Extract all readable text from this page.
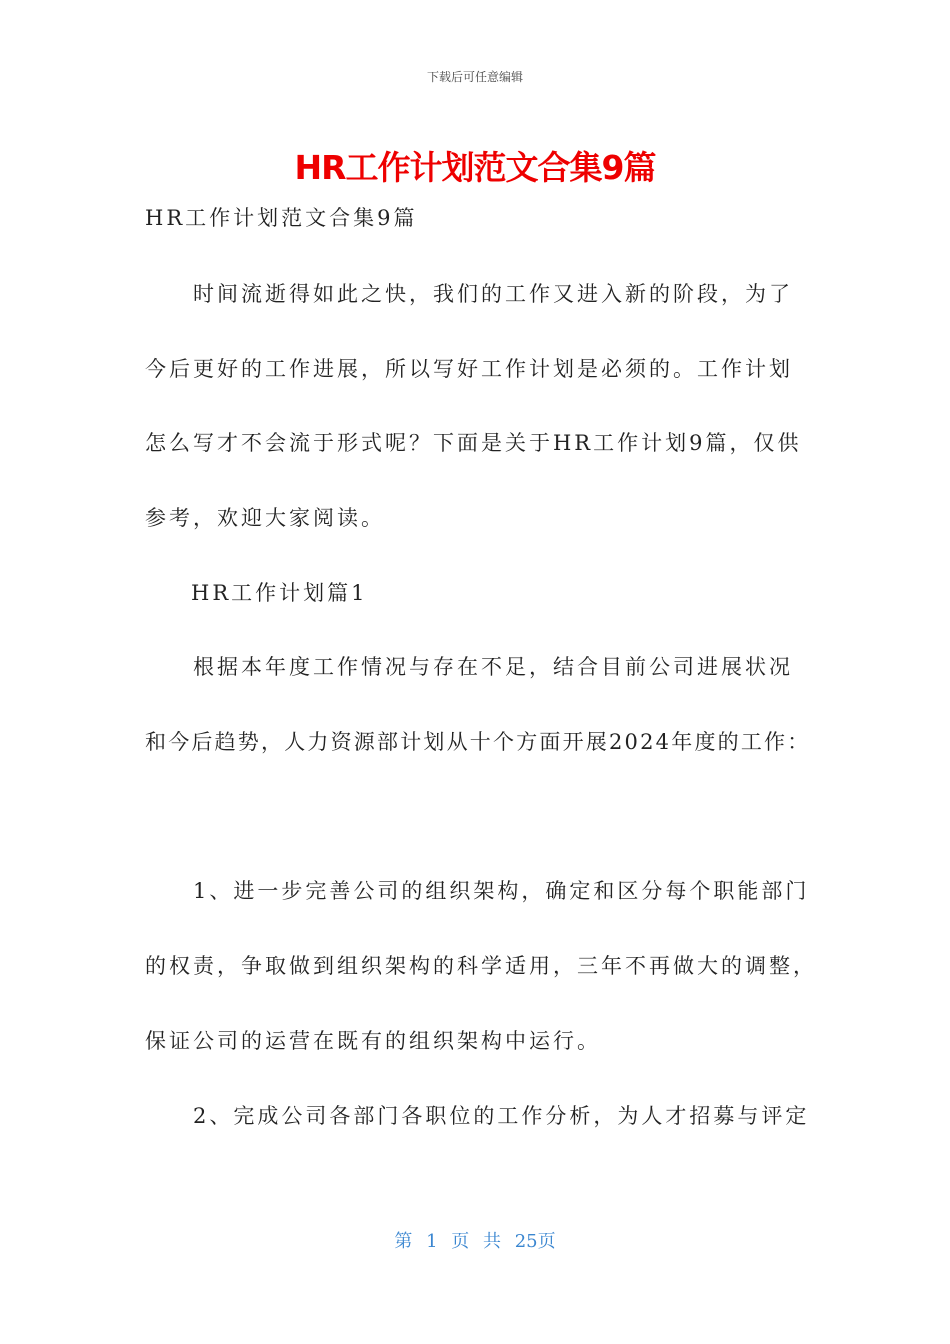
下载后可任意编辑
HR工作计划范文合集9篇
HR工作计划范文合集9篇
时间流逝得如此之快，我们的工作又进入新的阶段，为了
今后更好的工作进展，所以写好工作计划是必须的。工作计划
怎么写才不会流于形式呢？下面是关于HR工作计划9篇，仅供
参考，欢迎大家阅读。
HR工作计划篇1
根据本年度工作情况与存在不足，结合目前公司进展状况
和今后趋势，人力资源部计划从十个方面开展2024年度的工作：
1、进一步完善公司的组织架构，确定和区分每个职能部门
的权责，争取做到组织架构的科学适用，三年不再做大的调整，
保证公司的运营在既有的组织架构中运行。
2、完成公司各部门各职位的工作分析，为人才招募与评定
第 1 页 共 25页
